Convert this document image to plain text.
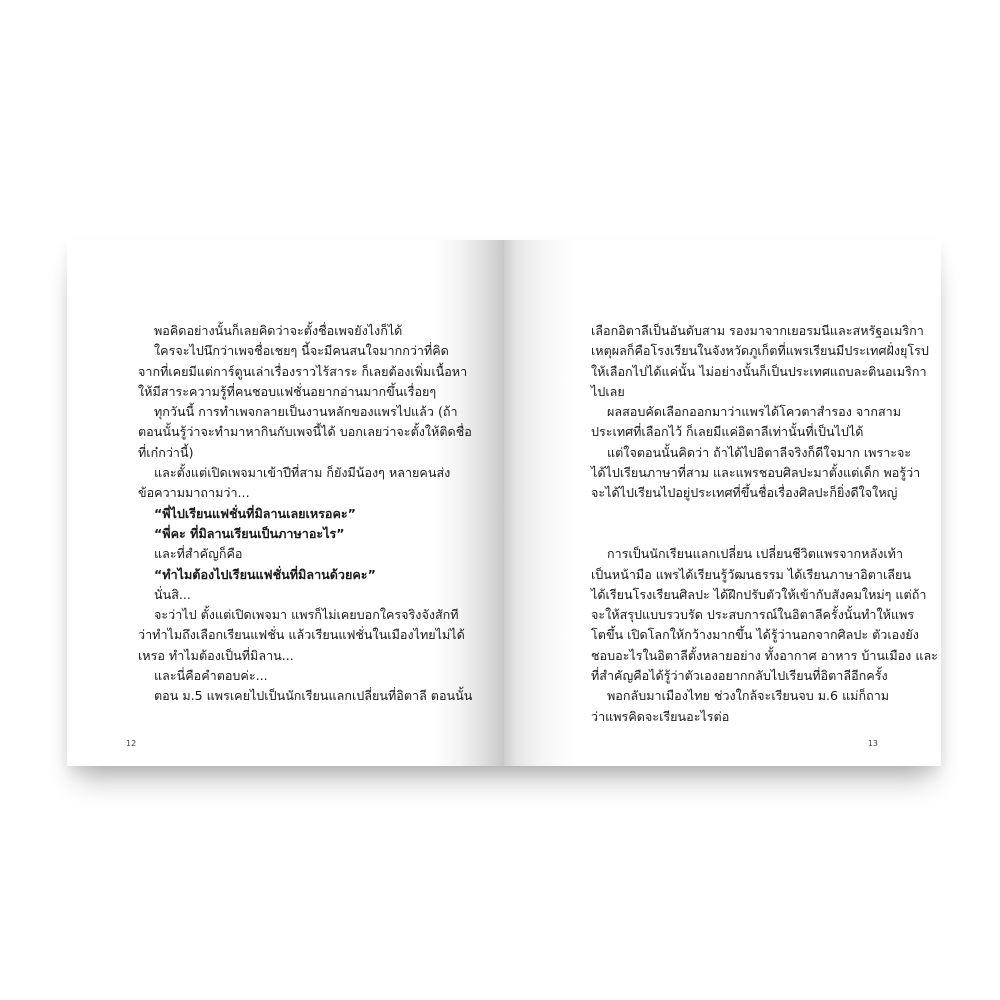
พอคิดอย่างนั้นก็เลยคิดว่าจะตั้งชื่อเพจยังไงก็ได้
ใครจะไปนึกว่าเพจชื่อเชยๆ นี้จะมีคนสนใจมากกว่าที่คิด
จากที่เคยมีแต่การ์ตูนเล่าเรื่องราวไร้สาระ ก็เลยต้องเพิ่มเนื้อหา
ให้มีสาระความรู้ที่คนชอบแฟชั่นอยากอ่านมากขึ้นเรื่อยๆ
ทุกวันนี้ การทำเพจกลายเป็นงานหลักของแพรไปแล้ว (ถ้า
ตอนนั้นรู้ว่าจะทำมาหากินกับเพจนี้ได้ บอกเลยว่าจะตั้งให้ติดชื่อ
ที่เก๋กว่านี้)
และตั้งแต่เปิดเพจมาเข้าปีที่สาม ก็ยังมีน้องๆ หลายคนส่ง
ข้อความมาถามว่า...
“พี่ไปเรียนแฟชั่นที่มิลานเลยเหรอคะ”
“พี่คะ ที่มิลานเรียนเป็นภาษาอะไร”
และที่สำคัญก็คือ
“ทำไมต้องไปเรียนแฟชั่นที่มิลานด้วยคะ”
นั่นสิ...
จะว่าไป ตั้งแต่เปิดเพจมา แพรก็ไม่เคยบอกใครจริงจังสักที
ว่าทำไมถึงเลือกเรียนแฟชั่น แล้วเรียนแฟชั่นในเมืองไทยไม่ได้
เหรอ ทำไมต้องเป็นที่มิลาน...
และนี่คือคำตอบค่ะ...
ตอน ม.5 แพรเคยไปเป็นนักเรียนแลกเปลี่ยนที่อิตาลี ตอนนั้น
12
เลือกอิตาลีเป็นอันดับสาม รองมาจากเยอรมนีและสหรัฐอเมริกา
เหตุผลก็คือโรงเรียนในจังหวัดภูเก็ตที่แพรเรียนมีประเทศฝั่งยุโรป
ให้เลือกไปได้แค่นั้น ไม่อย่างนั้นก็เป็นประเทศแถบละตินอเมริกา
ไปเลย
ผลสอบคัดเลือกออกมาว่าแพรได้โควตาสำรอง จากสาม
ประเทศที่เลือกไว้ ก็เลยมีแค่อิตาลีเท่านั้นที่เป็นไปได้
แต่ใจตอนนั้นคิดว่า ถ้าได้ไปอิตาลีจริงก็ดีใจมาก เพราะจะ
ได้ไปเรียนภาษาที่สาม และแพรชอบศิลปะมาตั้งแต่เด็ก พอรู้ว่า
จะได้ไปเรียนไปอยู่ประเทศที่ขึ้นชื่อเรื่องศิลปะก็ยิ่งดีใจใหญ่
การเป็นนักเรียนแลกเปลี่ยน เปลี่ยนชีวิตแพรจากหลังเท้า
เป็นหน้ามือ แพรได้เรียนรู้วัฒนธรรม ได้เรียนภาษาอิตาเลียน
ได้เรียนโรงเรียนศิลปะ ได้ฝึกปรับตัวให้เข้ากับสังคมใหม่ๆ แต่ถ้า
จะให้สรุปแบบรวบรัด ประสบการณ์ในอิตาลีครั้งนั้นทำให้แพร
โตขึ้น เปิดโลกให้กว้างมากขึ้น ได้รู้ว่านอกจากศิลปะ ตัวเองยัง
ชอบอะไรในอิตาลีตั้งหลายอย่าง ทั้งอากาศ อาหาร บ้านเมือง และ
ที่สำคัญคือได้รู้ว่าตัวเองอยากกลับไปเรียนที่อิตาลีอีกครั้ง
พอกลับมาเมืองไทย ช่วงใกล้จะเรียนจบ ม.6 แม่ก็ถาม
ว่าแพรคิดจะเรียนอะไรต่อ
13
